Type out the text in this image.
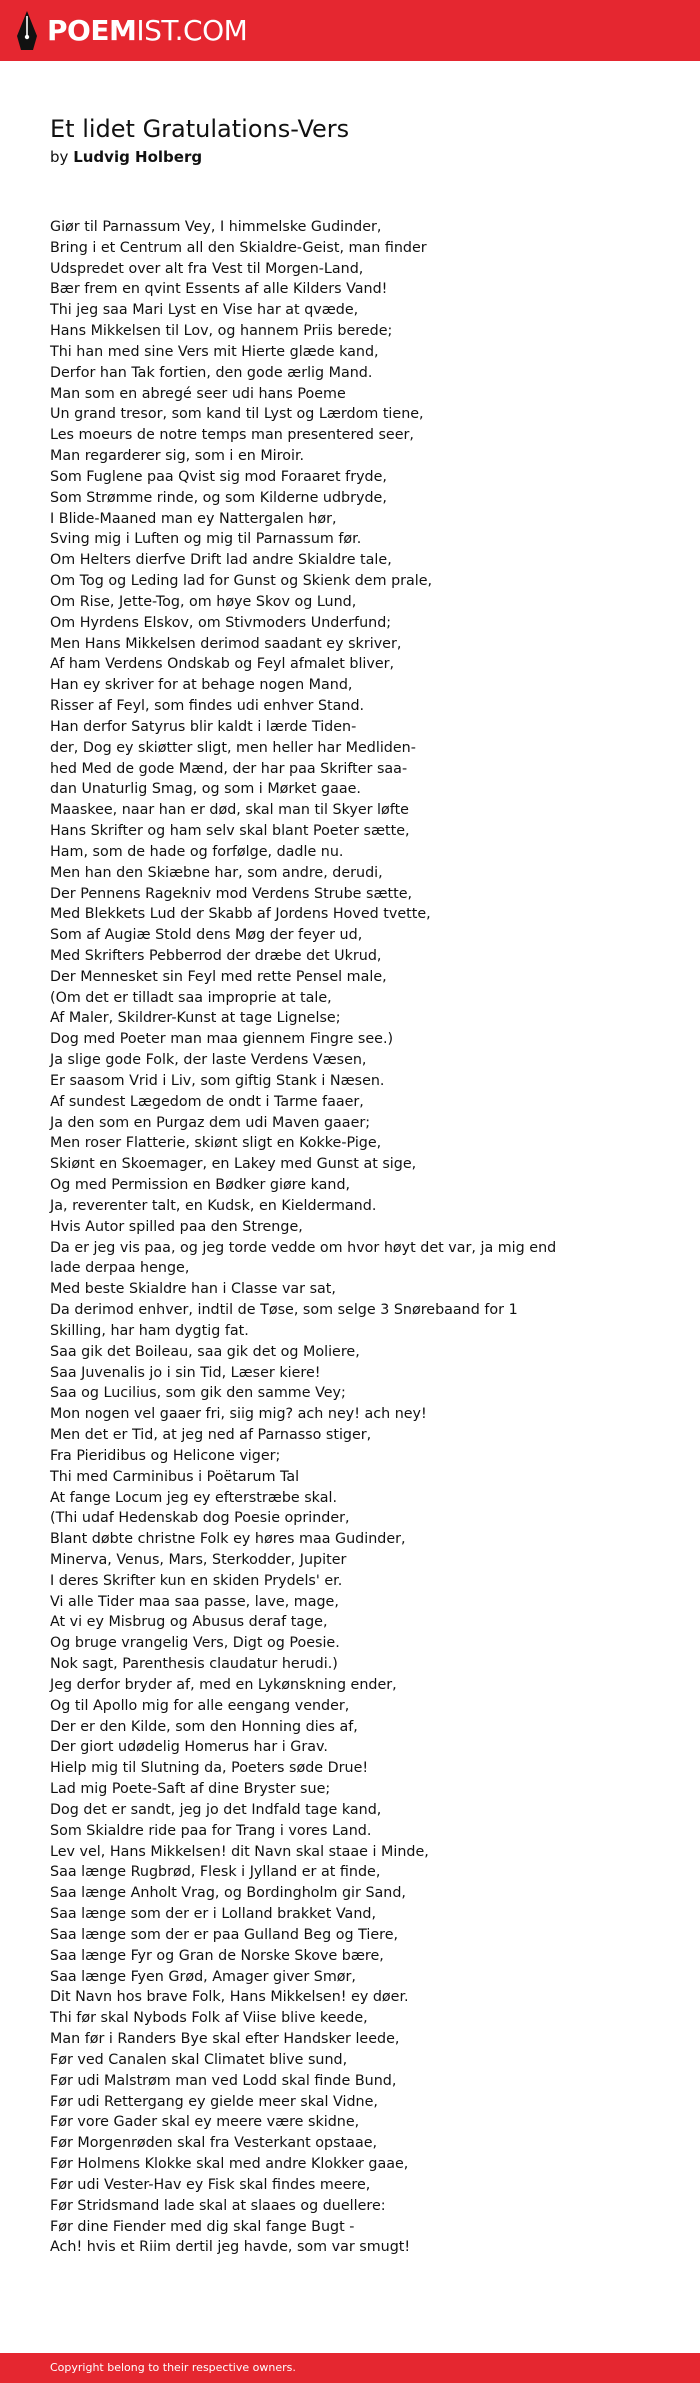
POEMIST.COM
Et lidet Gratulations-Vers
by Ludvig Holberg
Giør til Parnassum Vey, I himmelske Gudinder,
Bring i et Centrum all den Skialdre-Geist, man finder
Udspredet over alt fra Vest til Morgen-Land,
Bær frem en qvint Essents af alle Kilders Vand!
Thi jeg saa Mari Lyst en Vise har at qvæde,
Hans Mikkelsen til Lov, og hannem Priis berede;
Thi han med sine Vers mit Hierte glæde kand,
Derfor han Tak fortien, den gode ærlig Mand.
Man som en abregé seer udi hans Poeme
Un grand tresor, som kand til Lyst og Lærdom tiene,
Les moeurs de notre temps man presentered seer,
Man regarderer sig, som i en Miroir.
Som Fuglene paa Qvist sig mod Foraaret fryde,
Som Strømme rinde, og som Kilderne udbryde,
I Blide-Maaned man ey Nattergalen hør,
Sving mig i Luften og mig til Parnassum før.
Om Helters dierfve Drift lad andre Skialdre tale,
Om Tog og Leding lad for Gunst og Skienk dem prale,
Om Rise, Jette-Tog, om høye Skov og Lund,
Om Hyrdens Elskov, om Stivmoders Underfund;
Men Hans Mikkelsen derimod saadant ey skriver,
Af ham Verdens Ondskab og Feyl afmalet bliver,
Han ey skriver for at behage nogen Mand,
Risser af Feyl, som findes udi enhver Stand.
Han derfor Satyrus blir kaldt i lærde Tiden-
der, Dog ey skiøtter sligt, men heller har Medliden-
hed Med de gode Mænd, der har paa Skrifter saa-
dan Unaturlig Smag, og som i Mørket gaae.
Maaskee, naar han er død, skal man til Skyer løfte
Hans Skrifter og ham selv skal blant Poeter sætte,
Ham, som de hade og forfølge, dadle nu.
Men han den Skiæbne har, som andre, derudi,
Der Pennens Ragekniv mod Verdens Strube sætte,
Med Blekkets Lud der Skabb af Jordens Hoved tvette,
Som af Augiæ Stold dens Møg der feyer ud,
Med Skrifters Pebberrod der dræbe det Ukrud,
Der Mennesket sin Feyl med rette Pensel male,
(Om det er tilladt saa improprie at tale,
Af Maler, Skildrer-Kunst at tage Lignelse;
Dog med Poeter man maa giennem Fingre see.)
Ja slige gode Folk, der laste Verdens Væsen,
Er saasom Vrid i Liv, som giftig Stank i Næsen.
Af sundest Lægedom de ondt i Tarme faaer,
Ja den som en Purgaz dem udi Maven gaaer;
Men roser Flatterie, skiønt sligt en Kokke-Pige,
Skiønt en Skoemager, en Lakey med Gunst at sige,
Og med Permission en Bødker giøre kand,
Ja, reverenter talt, en Kudsk, en Kieldermand.
Hvis Autor spilled paa den Strenge,
Da er jeg vis paa, og jeg torde vedde om hvor høyt det var, ja mig end lade derpaa henge,
Med beste Skialdre han i Classe var sat,
Da derimod enhver, indtil de Tøse, som selge 3 Snørebaand for 1 Skilling, har ham dygtig fat.
Saa gik det Boileau, saa gik det og Moliere,
Saa Juvenalis jo i sin Tid, Læser kiere!
Saa og Lucilius, som gik den samme Vey;
Mon nogen vel gaaer fri, siig mig? ach ney! ach ney!
Men det er Tid, at jeg ned af Parnasso stiger,
Fra Pieridibus og Helicone viger;
Thi med Carminibus i Poëtarum Tal
At fange Locum jeg ey efterstræbe skal.
(Thi udaf Hedenskab dog Poesie oprinder,
Blant døbte christne Folk ey høres maa Gudinder,
Minerva, Venus, Mars, Sterkodder, Jupiter
I deres Skrifter kun en skiden Prydels' er.
Vi alle Tider maa saa passe, lave, mage,
At vi ey Misbrug og Abusus deraf tage,
Og bruge vrangelig Vers, Digt og Poesie.
Nok sagt, Parenthesis claudatur herudi.)
Jeg derfor bryder af, med en Lykønskning ender,
Og til Apollo mig for alle eengang vender,
Der er den Kilde, som den Honning dies af,
Der giort udødelig Homerus har i Grav.
Hielp mig til Slutning da, Poeters søde Drue!
Lad mig Poete-Saft af dine Bryster sue;
Dog det er sandt, jeg jo det Indfald tage kand,
Som Skialdre ride paa for Trang i vores Land.
Lev vel, Hans Mikkelsen! dit Navn skal staae i Minde,
Saa længe Rugbrød, Flesk i Jylland er at finde,
Saa længe Anholt Vrag, og Bordingholm gir Sand,
Saa længe som der er i Lolland brakket Vand,
Saa længe som der er paa Gulland Beg og Tiere,
Saa længe Fyr og Gran de Norske Skove bære,
Saa længe Fyen Grød, Amager giver Smør,
Dit Navn hos brave Folk, Hans Mikkelsen! ey døer.
Thi før skal Nybods Folk af Viise blive keede,
Man før i Randers Bye skal efter Handsker leede,
Før ved Canalen skal Climatet blive sund,
Før udi Malstrøm man ved Lodd skal finde Bund,
Før udi Rettergang ey gielde meer skal Vidne,
Før vore Gader skal ey meere være skidne,
Før Morgenrøden skal fra Vesterkant opstaae,
Før Holmens Klokke skal med andre Klokker gaae,
Før udi Vester-Hav ey Fisk skal findes meere,
Før Stridsmand lade skal at slaaes og duellere:
Før dine Fiender med dig skal fange Bugt -
Ach! hvis et Riim dertil jeg havde, som var smugt!
Copyright belong to their respective owners.
